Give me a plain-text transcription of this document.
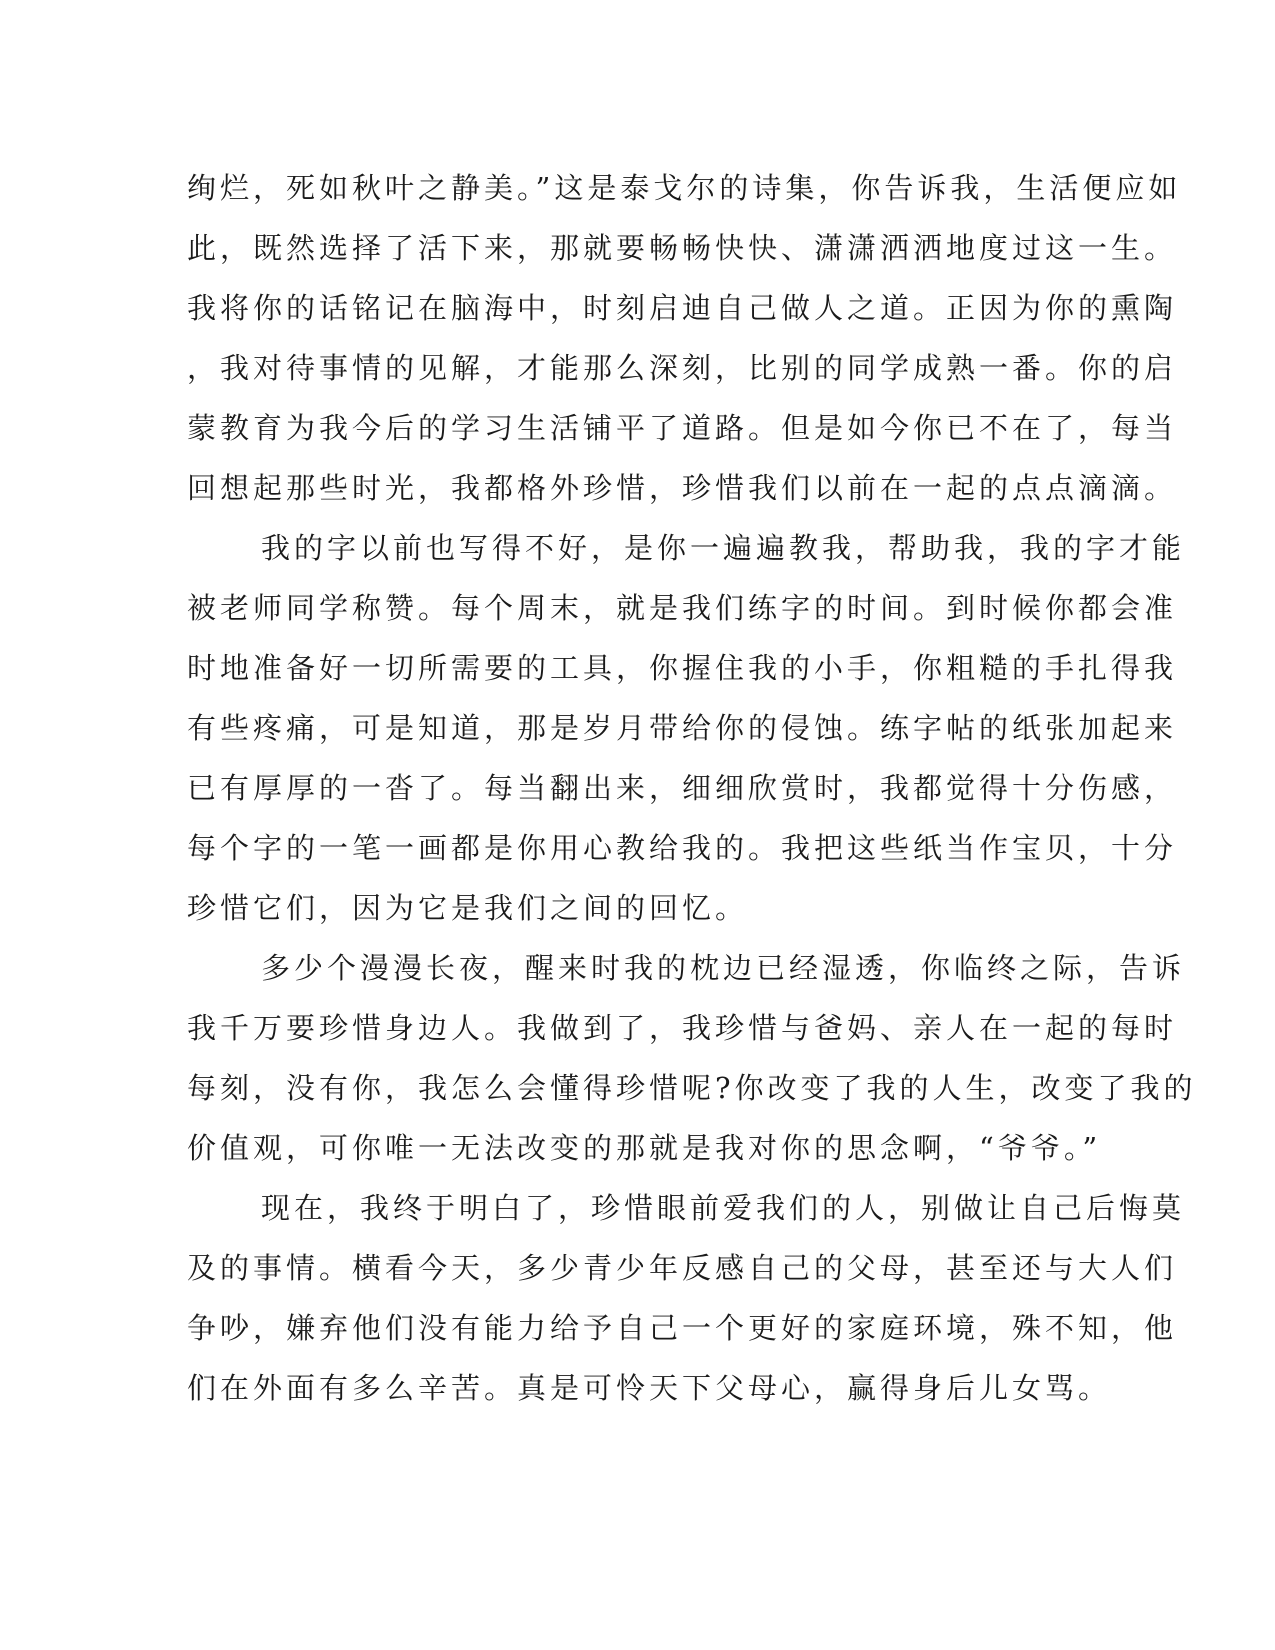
绚烂，死如秋叶之静美。”这是泰戈尔的诗集，你告诉我，生活便应如
此，既然选择了活下来，那就要畅畅快快、潇潇洒洒地度过这一生。
我将你的话铭记在脑海中，时刻启迪自己做人之道。正因为你的熏陶
，我对待事情的见解，才能那么深刻，比别的同学成熟一番。你的启
蒙教育为我今后的学习生活铺平了道路。但是如今你已不在了，每当
回想起那些时光，我都格外珍惜，珍惜我们以前在一起的点点滴滴。
我的字以前也写得不好，是你一遍遍教我，帮助我，我的字才能
被老师同学称赞。每个周末，就是我们练字的时间。到时候你都会准
时地准备好一切所需要的工具，你握住我的小手，你粗糙的手扎得我
有些疼痛，可是知道，那是岁月带给你的侵蚀。练字帖的纸张加起来
已有厚厚的一沓了。每当翻出来，细细欣赏时，我都觉得十分伤感，
每个字的一笔一画都是你用心教给我的。我把这些纸当作宝贝，十分
珍惜它们，因为它是我们之间的回忆。
多少个漫漫长夜，醒来时我的枕边已经湿透，你临终之际，告诉
我千万要珍惜身边人。我做到了，我珍惜与爸妈、亲人在一起的每时
每刻，没有你，我怎么会懂得珍惜呢?你改变了我的人生，改变了我的
价值观，可你唯一无法改变的那就是我对你的思念啊，“爷爷。”
现在，我终于明白了，珍惜眼前爱我们的人，别做让自己后悔莫
及的事情。横看今天，多少青少年反感自己的父母，甚至还与大人们
争吵，嫌弃他们没有能力给予自己一个更好的家庭环境，殊不知，他
们在外面有多么辛苦。真是可怜天下父母心，赢得身后儿女骂。
